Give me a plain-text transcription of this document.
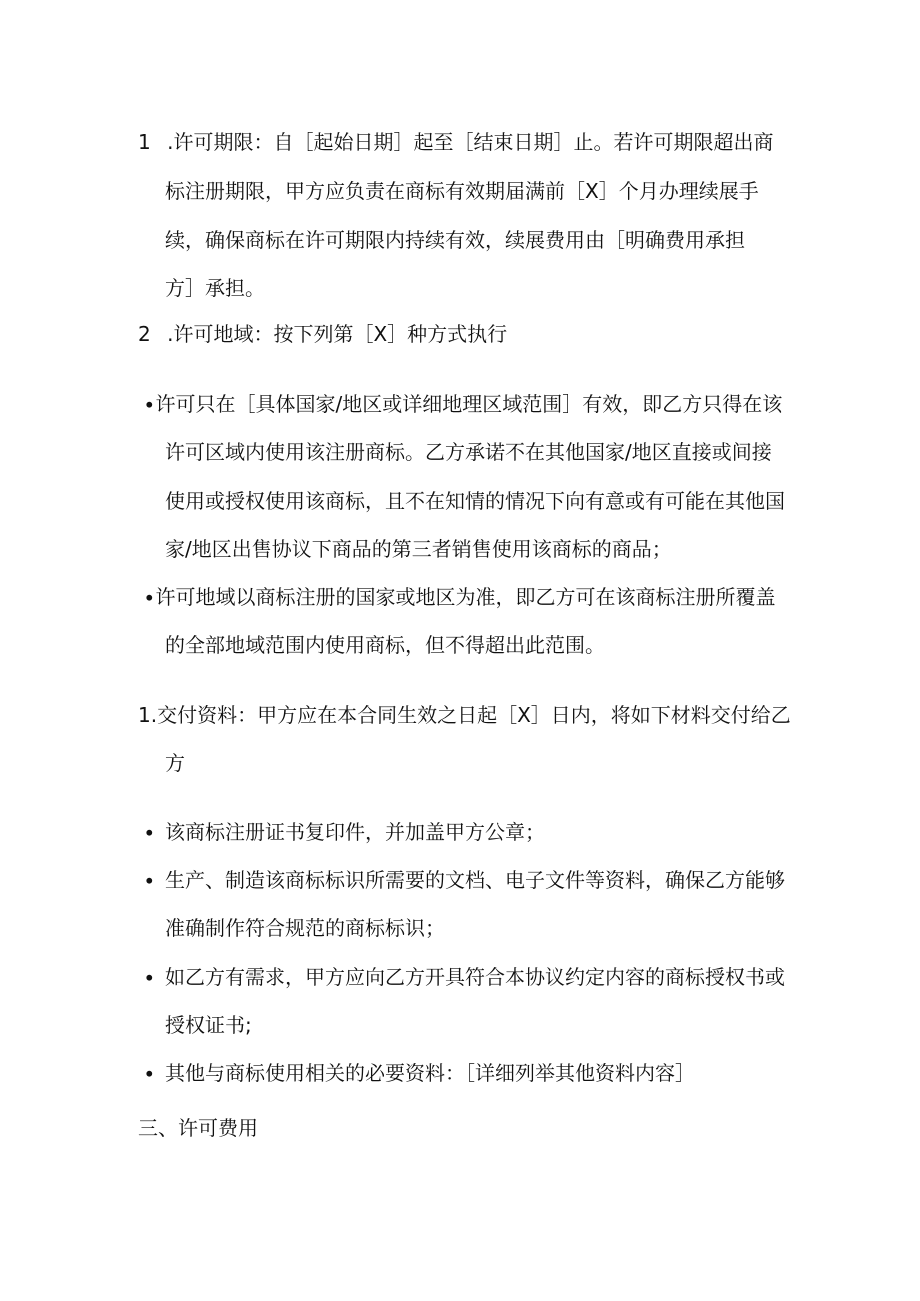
1 .许可期限：自［起始日期］起至［结束日期］止。若许可期限超出商
标注册期限，甲方应负责在商标有效期届满前［X］个月办理续展手
续，确保商标在许可期限内持续有效，续展费用由［明确费用承担
方］承担。
2 .许可地域：按下列第［X］种方式执行
∙许可只在［具体国家/地区或详细地理区域范围］有效，即乙方只得在该
许可区域内使用该注册商标。乙方承诺不在其他国家/地区直接或间接
使用或授权使用该商标，且不在知情的情况下向有意或有可能在其他国
家/地区出售协议下商品的第三者销售使用该商标的商品；
∙许可地域以商标注册的国家或地区为准，即乙方可在该商标注册所覆盖
的全部地域范围内使用商标，但不得超出此范围。
1.交付资料：甲方应在本合同生效之日起［X］日内，将如下材料交付给乙
方
∙ 该商标注册证书复印件，并加盖甲方公章；
∙ 生产、制造该商标标识所需要的文档、电子文件等资料，确保乙方能够
准确制作符合规范的商标标识；
∙ 如乙方有需求，甲方应向乙方开具符合本协议约定内容的商标授权书或
授权证书;
∙ 其他与商标使用相关的必要资料：［详细列举其他资料内容］
三、许可费用
